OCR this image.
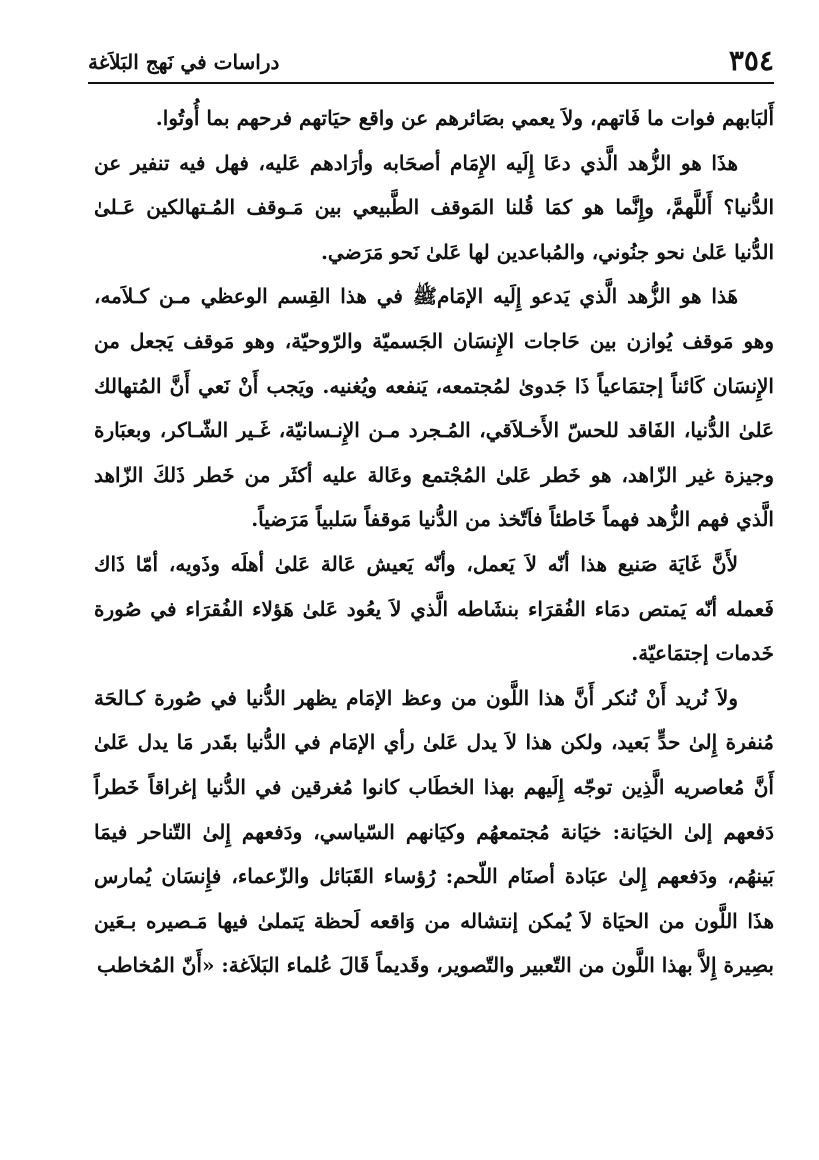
٣٥٤
دراسات في نَهج البَلاَغة

أَلبَابهم فوات ما فَاتهم، ولاَ يعمي بصَائرهم عن واقع حيَاتهم فرحهم بما أُوتُوا.

هذَا هو الزُّهد الَّذي دعَا إِلَيه الإِمَام أصحَابه وأرَادهم عَليه، فهل فيه تنفير عن الدُّنيا؟ أَللَّهمَّ، وإِنَّما هو كمَا قُلنا المَوقف الطَّبيعي بين مَـوقف المُـتهالكين عَـلىٰ الدُّنيا عَلىٰ نحو جنُوني، والمُباعدين لها عَلىٰ نَحو مَرَضي.

هَذا هو الزُّهد الَّذي يَدعو إِلَيه الإمَامﷺ في هذا القِسم الوعظي مـن كـلاَمه، وهو مَوقف يُوازن بين حَاجات الإِنسَان الجَسميّة والرّوحيّة، وهو مَوقف يَجعل من الإِنسَان كَائناً إجتمَاعياً ذَا جَدوىٰ لمُجتمعه، يَنفعه ويُغنيه. ويَجب أَنْ نَعي أَنَّ المُتهالك عَلىٰ الدُّنيا، الفَاقد للحسّ الأَخـلاَقي، المُـجرد مـن الإِنـسانيّة، غَـير الشّـاكر، وبعبَارة وجيزة غير الزّاهد، هو خَطر عَلىٰ المُجْتمع وعَالة عليه أكثَر من خَطر ذَلكَ الزّاهد الَّذي فهم الزُّهد فهماً خَاطئاً فاَتّخذ من الدُّنيا مَوقفاً سَلبياً مَرَضياً.

لأَنَّ غَايَة صَنيع هذا أنّه لاَ يَعمل، وأنّه يَعيش عَالة عَلىٰ أهلَه وذَويه، أمّا ذَاك فَعمله أنّه يَمتص دمَاء الفُقرَاء بنشَاطه الَّذي لاَ يعُود عَلىٰ هَؤلاء الفُقرَاء في صُورة خَدمات إجتمَاعيّة.

ولاَ نُريد أَنْ نُنكر أَنَّ هذا اللَّون من وعظ الإمَام يظهر الدُّنيا في صُورة كـالحَة مُنفرة إِلىٰ حدٍّ بَعيد، ولكن هذا لاَ يدل عَلىٰ رأي الإمَام في الدُّنيا بقَدر مَا يدل عَلىٰ أَنَّ مُعاصريه الَّذِين توجّه إِلَيهم بهذا الخطَاب كانوا مُغرقين في الدُّنيا إغراقاً خَطراً دَفعهم إلىٰ الخيَانة: خيَانة مُجتمعهُم وكيَانهم السّياسي، ودَفعهم إِلىٰ التّناحر فيمَا بَينهُم، ودَفعهم إِلىٰ عبَادة أصنَام اللّحم: رُؤساء القَبَائل والزّعماء، فإِنسَان يُمارس هذَا اللَّون من الحيَاة لاَ يُمكن إنتشاله من وَاقعه لَحظة يَتملىٰ فيها مَـصيره بـعَين بصِيرة إِلاَّ بهذا اللَّون من التّعبير والتّصوير، وقَديماً قَالَ عُلماء البَلاَغة: «أَنّ المُخاطب
